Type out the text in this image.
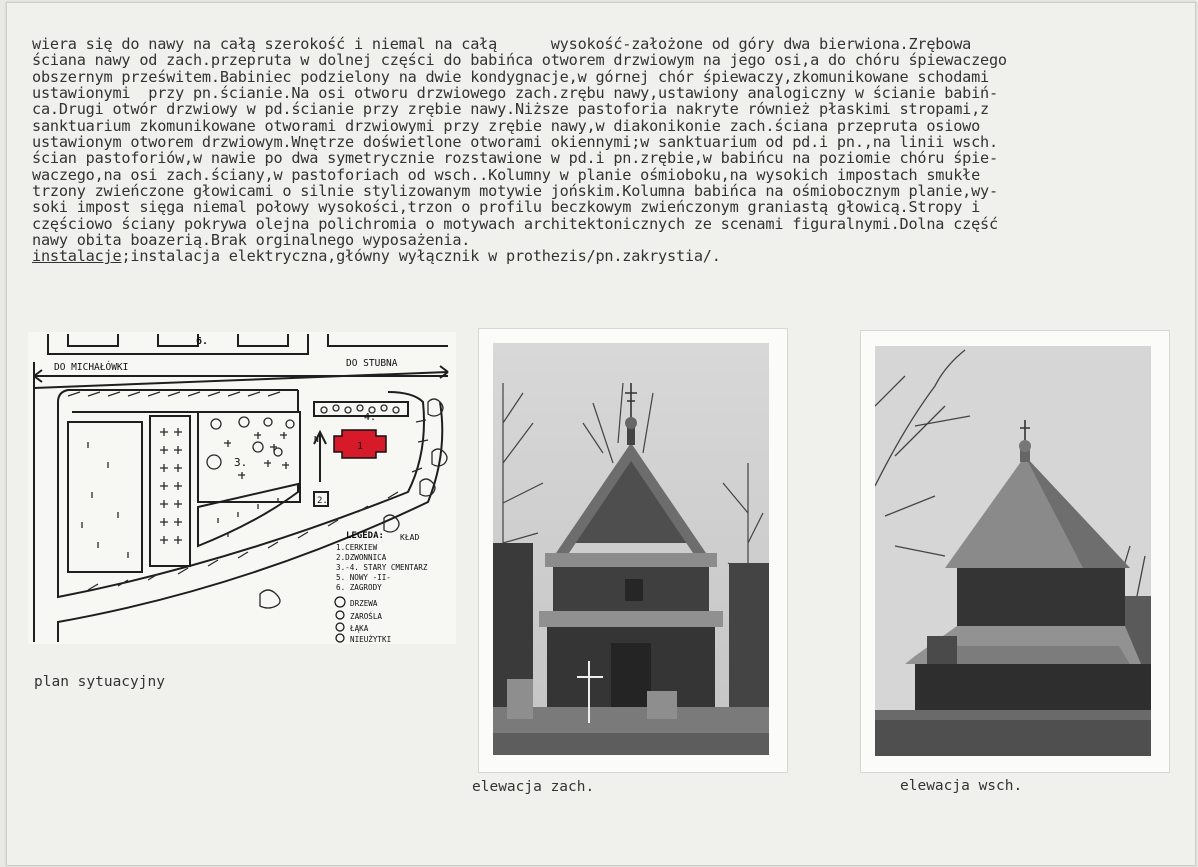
wiera się do nawy na całą szerokość i niemal na całą      wysokość-założone od góry dwa bierwiona.Zrębowa
ściana nawy od zach.przepruta w dolnej części do babińca otworem drzwiowym na jego osi,a do chóru śpiewaczego
obszernym prześwitem.Babiniec podzielony na dwie kondygnacje,w górnej chór śpiewaczy,zkomunikowane schodami
ustawionymi  przy pn.ścianie.Na osi otworu drzwiowego zach.zrębu nawy,ustawiony analogiczny w ścianie babiń-
ca.Drugi otwór drzwiowy w pd.ścianie przy zrębie nawy.Niższe pastoforia nakryte również płaskimi stropami,z
sanktuarium zkomunikowane otworami drzwiowymi przy zrębie nawy,w diakonikonie zach.ściana przepruta osiowo
ustawionym otworem drzwiowym.Wnętrze doświetlone otworami okiennymi;w sanktuarium od pd.i pn.,na linii wsch.
ścian pastoforiów,w nawie po dwa symetrycznie rozstawione w pd.i pn.zrębie,w babińcu na poziomie chóru śpie-
waczego,na osi zach.ściany,w pastoforiach od wsch..Kolumny w planie ośmioboku,na wysokich impostach smukłe
trzony zwieńczone głowicami o silnie stylizowanym motywie jońskim.Kolumna babińca na ośmiobocznym planie,wy-
soki impost sięga niemal połowy wysokości,trzon o profilu beczkowym zwieńczonym graniastą głowicą.Stropy i
częściowo ściany pokrywa olejna polichromia o motywach architektonicznych ze scenami figuralnymi.Dolna część
nawy obita boazerią.Brak orginalnego wyposażenia.
instalacje;instalacja elektryczna,główny wyłącznik w prothezis/pn.zakrystia/.
6.
DO MICHAŁÓWKI	DO STUBNA
3.
4.
2.
1
N
LEGEDA: KŁAD
1.CERKIEW
2.DZWONNICA
3.-4. STARY CMENTARZ
5. NOWY -II-
6. ZAGRODY
DRZEWA
ZAROŚLA
ŁĄKA
NIEUŻYTKI
plan sytuacyjny
elewacja zach.	elewacja wsch.
